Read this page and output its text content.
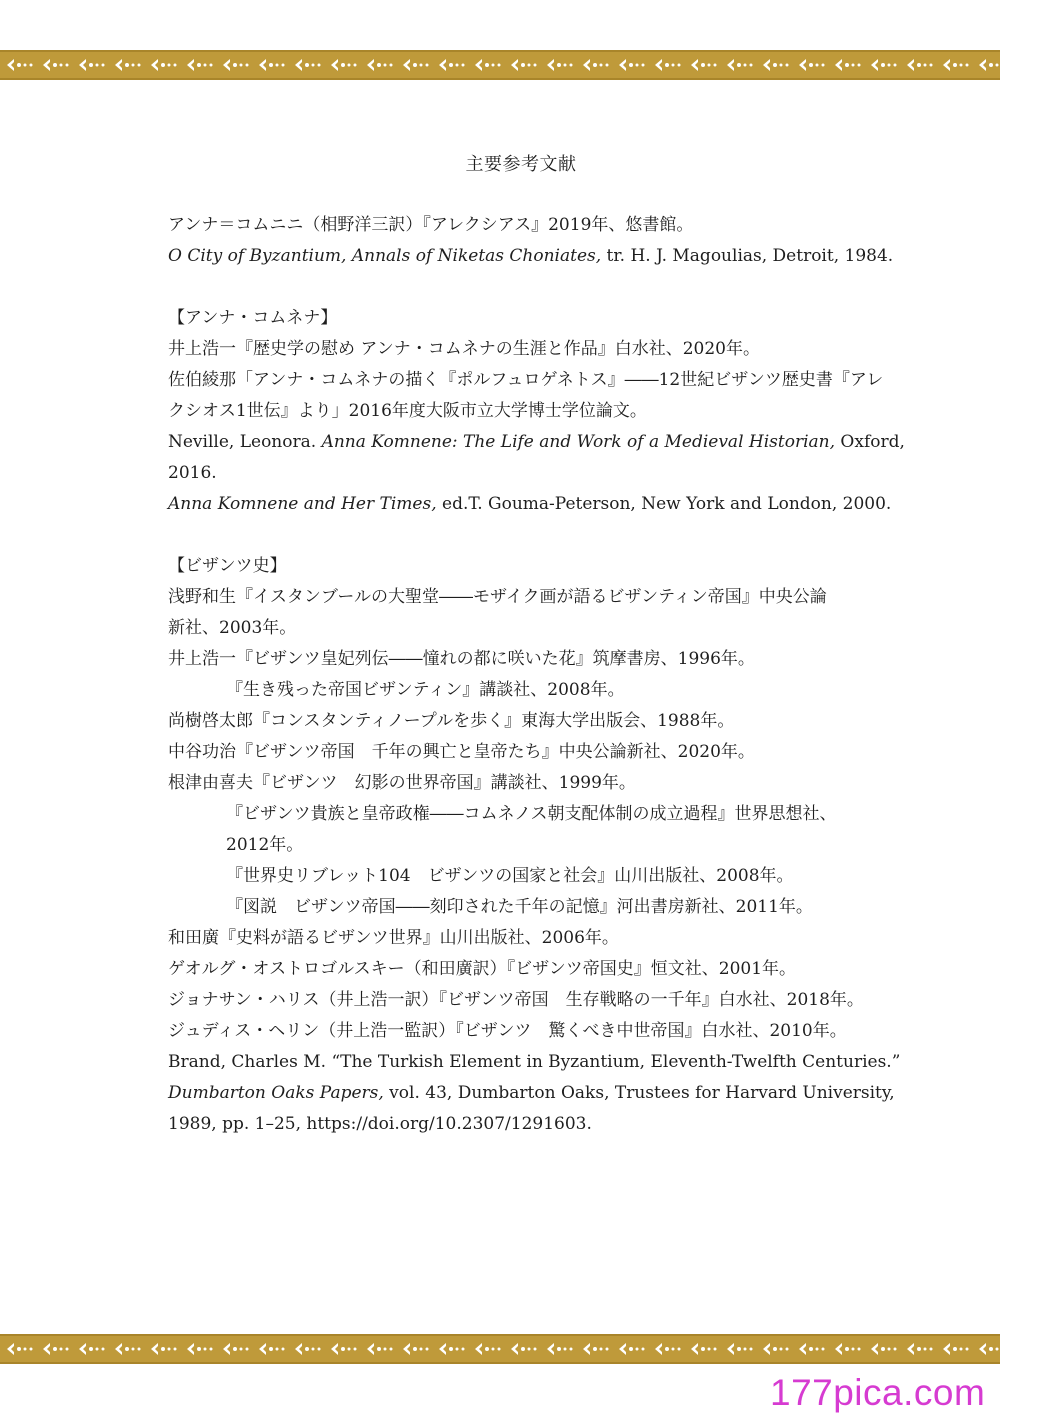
主要参考文献
アンナ＝コムニニ（相野洋三訳）『アレクシアス』2019年、悠書館。
O City of Byzantium, Annals of Niketas Choniates, tr. H. J. Magoulias, Detroit, 1984.
【アンナ・コムネナ】
井上浩一『歴史学の慰め アンナ・コムネナの生涯と作品』白水社、2020年。
佐伯綾那「アンナ・コムネナの描く『ポルフュロゲネトス』――12世紀ビザンツ歴史書『アレ
クシオス1世伝』より」2016年度大阪市立大学博士学位論文。
Neville, Leonora. Anna Komnene: The Life and Work of a Medieval Historian, Oxford,
2016.
Anna Komnene and Her Times, ed.T. Gouma-Peterson, New York and London, 2000.
【ビザンツ史】
浅野和生『イスタンブールの大聖堂――モザイク画が語るビザンティン帝国』中央公論
新社、2003年。
井上浩一『ビザンツ皇妃列伝――憧れの都に咲いた花』筑摩書房、1996年。
『生き残った帝国ビザンティン』講談社、2008年。
尚樹啓太郎『コンスタンティノープルを歩く』東海大学出版会、1988年。
中谷功治『ビザンツ帝国　千年の興亡と皇帝たち』中央公論新社、2020年。
根津由喜夫『ビザンツ　幻影の世界帝国』講談社、1999年。
『ビザンツ貴族と皇帝政権――コムネノス朝支配体制の成立過程』世界思想社、
2012年。
『世界史リブレット104　ビザンツの国家と社会』山川出版社、2008年。
『図説　ビザンツ帝国――刻印された千年の記憶』河出書房新社、2011年。
和田廣『史料が語るビザンツ世界』山川出版社、2006年。
ゲオルグ・オストロゴルスキー（和田廣訳）『ビザンツ帝国史』恒文社、2001年。
ジョナサン・ハリス（井上浩一訳）『ビザンツ帝国　生存戦略の一千年』白水社、2018年。
ジュディス・ヘリン（井上浩一監訳）『ビザンツ　驚くべき中世帝国』白水社、2010年。
Brand, Charles M. “The Turkish Element in Byzantium, Eleventh-Twelfth Centuries.”
Dumbarton Oaks Papers, vol. 43, Dumbarton Oaks, Trustees for Harvard University,
1989, pp. 1–25, https://doi.org/10.2307/1291603.
177pica.com
